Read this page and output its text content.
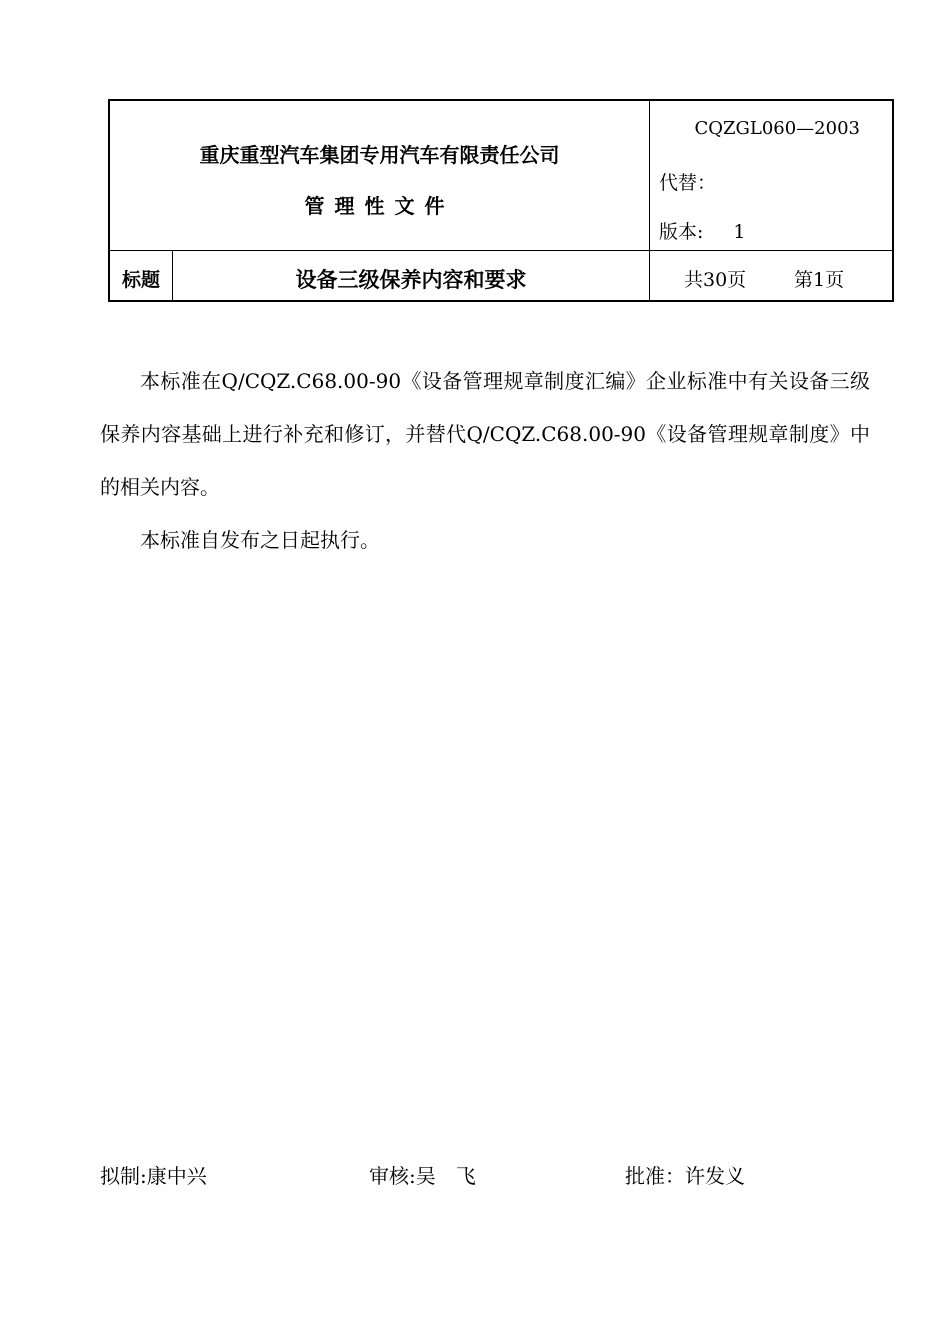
重庆重型汽车集团专用汽车有限责任公司
管理性文件
CQZGL060—2003
代替：
版本: 1
标题	设备三级保养内容和要求	共30页	第1页

本标准在Q/CQZ.C68.00-90《设备管理规章制度汇编》企业标准中有关设备三级保养内容基础上进行补充和修订，并替代Q/CQZ.C68.00-90《设备管理规章制度》中的相关内容。

本标准自发布之日起执行。

拟制:康中兴	审核:吴　飞	批准：许发义
